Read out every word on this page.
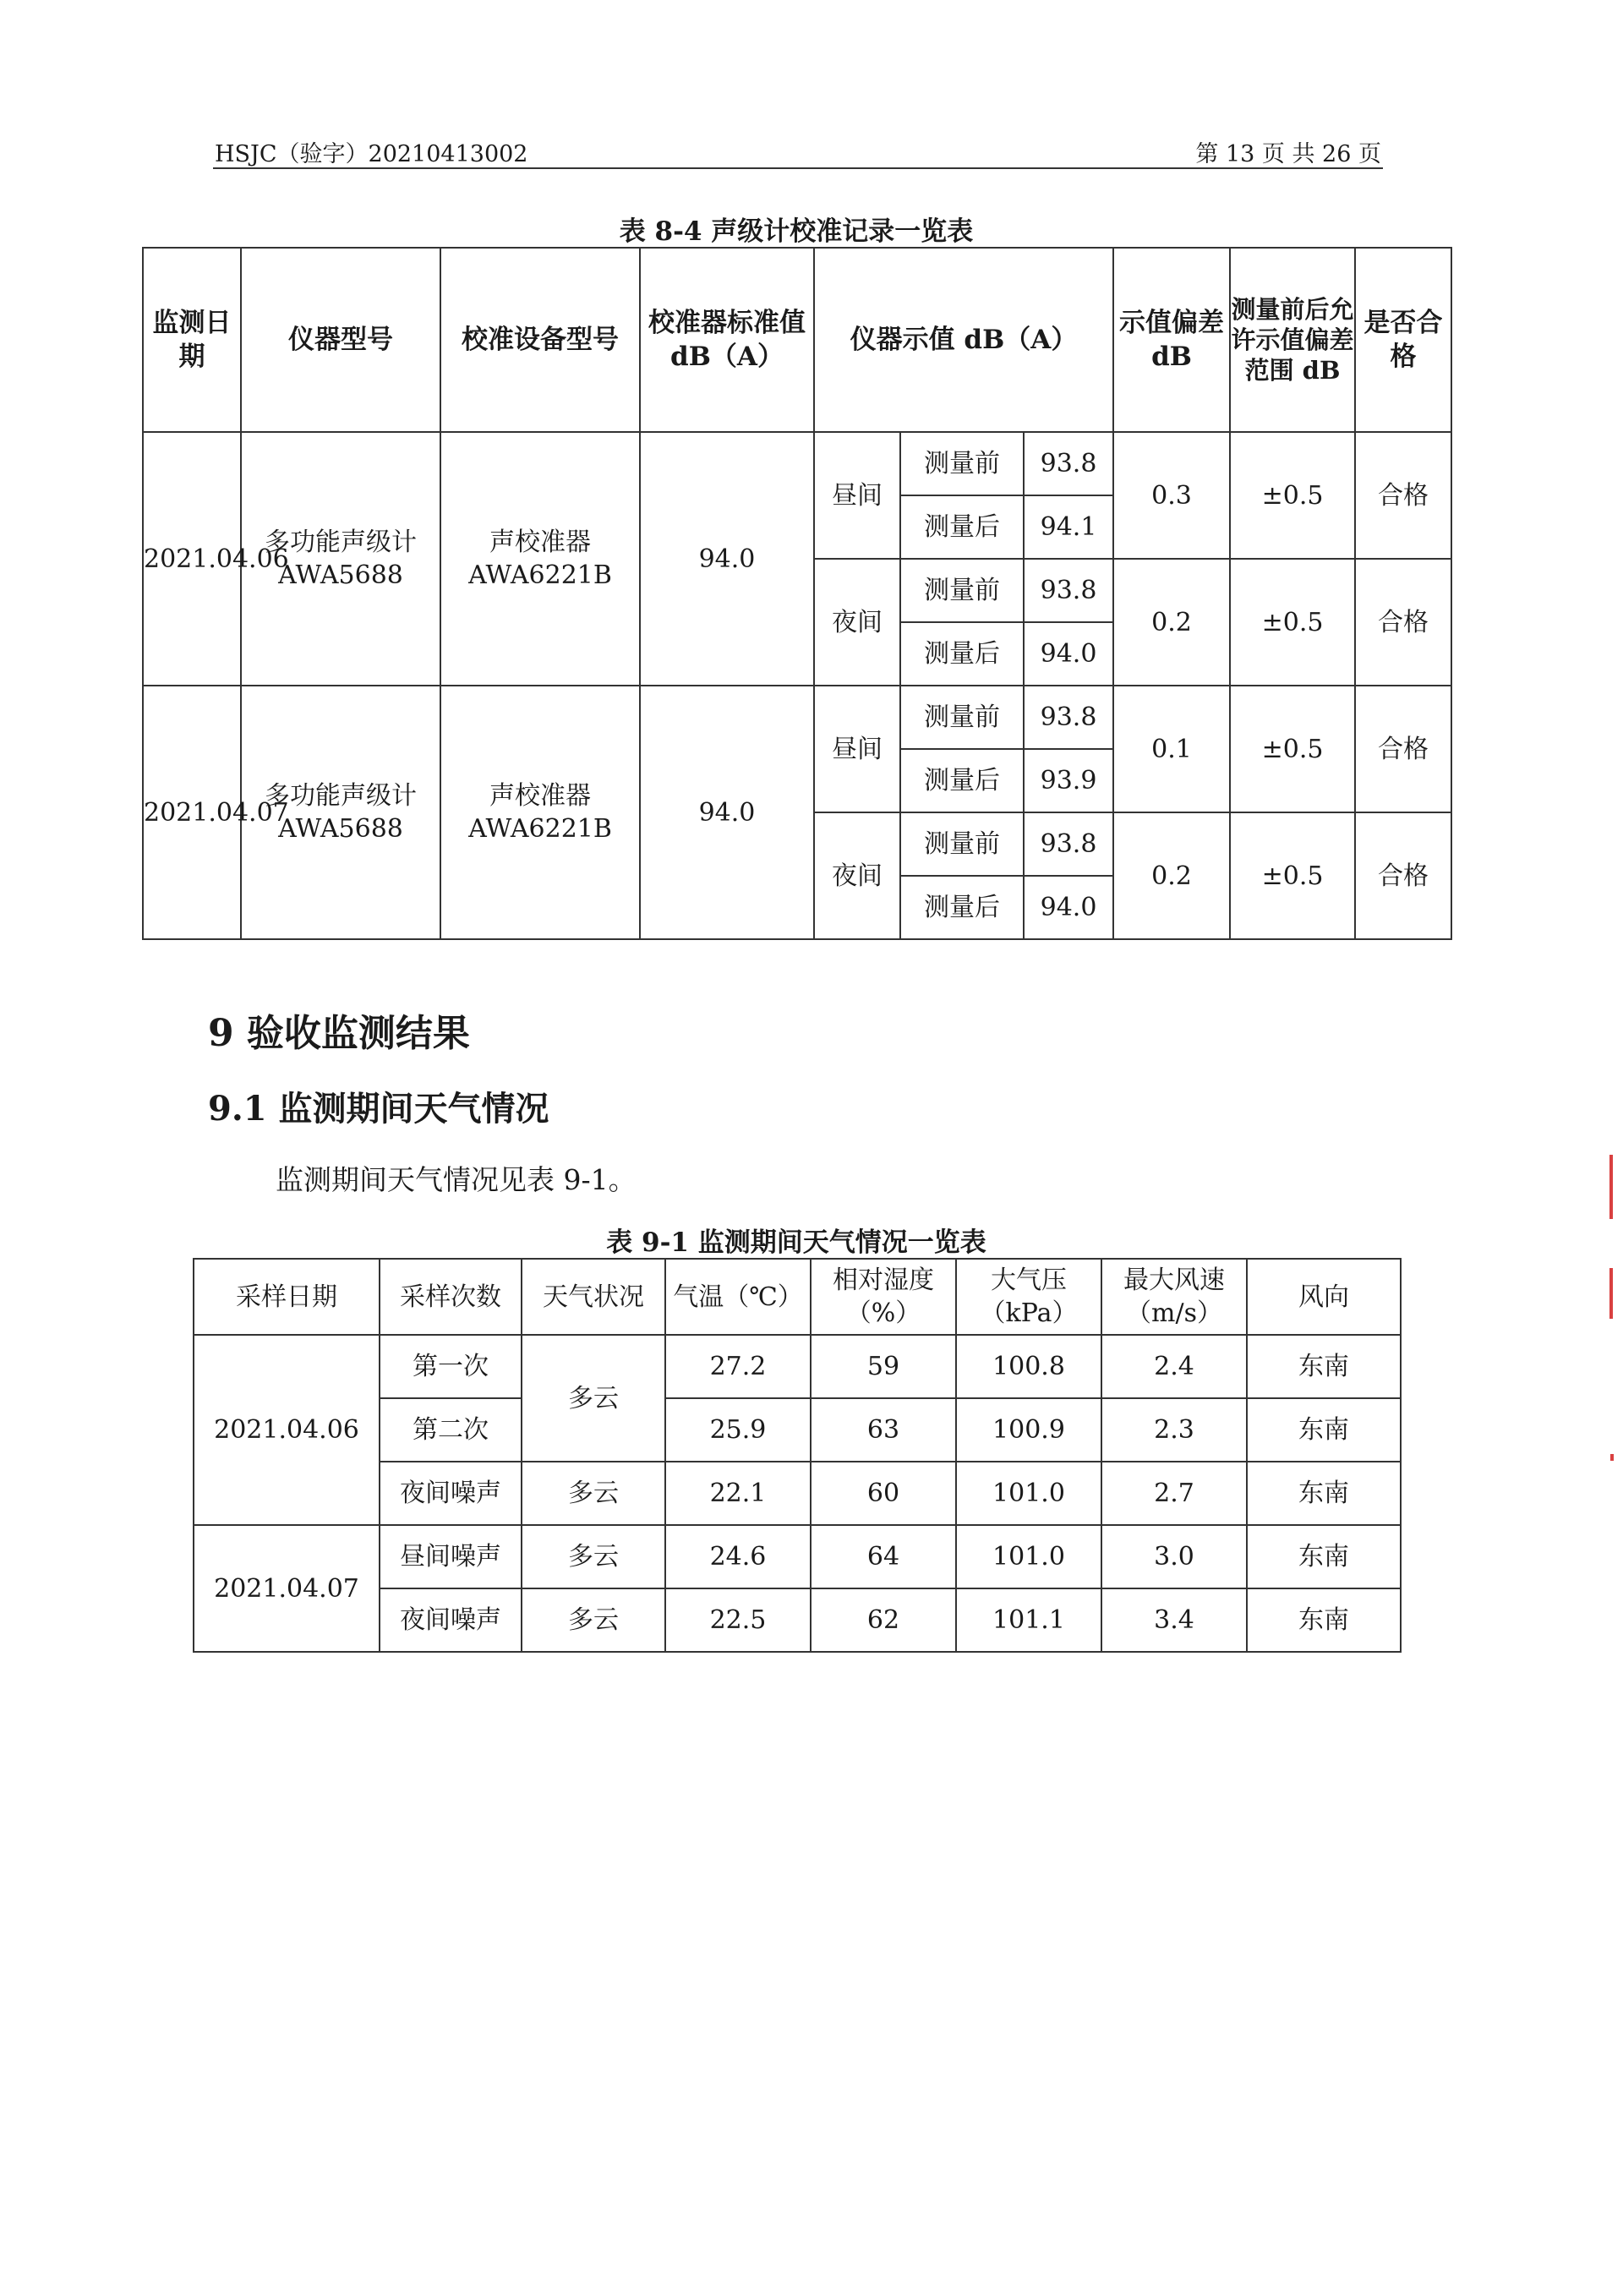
HSJC（验字）20210413002	第 13 页 共 26 页
表 8-4 声级计校准记录一览表
监测日期	仪器型号	校准设备型号	校准器标准值 dB（A）	仪器示值 dB（A）			示值偏差 dB	测量前后允许示值偏差范围 dB	是否合格
2021.04.06	多功能声级计 AWA5688	声校准器 AWA6221B	94.0	昼间	测量前	93.8	0.3	±0.5	合格
					测量后	94.1			
				夜间	测量前	93.8	0.2	±0.5	合格
					测量后	94.0			
2021.04.07	多功能声级计 AWA5688	声校准器 AWA6221B	94.0	昼间	测量前	93.8	0.1	±0.5	合格
					测量后	93.9			
				夜间	测量前	93.8	0.2	±0.5	合格
					测量后	94.0			
9 验收监测结果
9.1 监测期间天气情况
监测期间天气情况见表 9-1。
表 9-1 监测期间天气情况一览表
采样日期	采样次数	天气状况	气温（℃）	相对湿度（%）	大气压（kPa）	最大风速（m/s）	风向
2021.04.06	第一次	多云	27.2	59	100.8	2.4	东南
	第二次		25.9	63	100.9	2.3	东南
	夜间噪声	多云	22.1	60	101.0	2.7	东南
2021.04.07	昼间噪声	多云	24.6	64	101.0	3.0	东南
	夜间噪声	多云	22.5	62	101.1	3.4	东南
